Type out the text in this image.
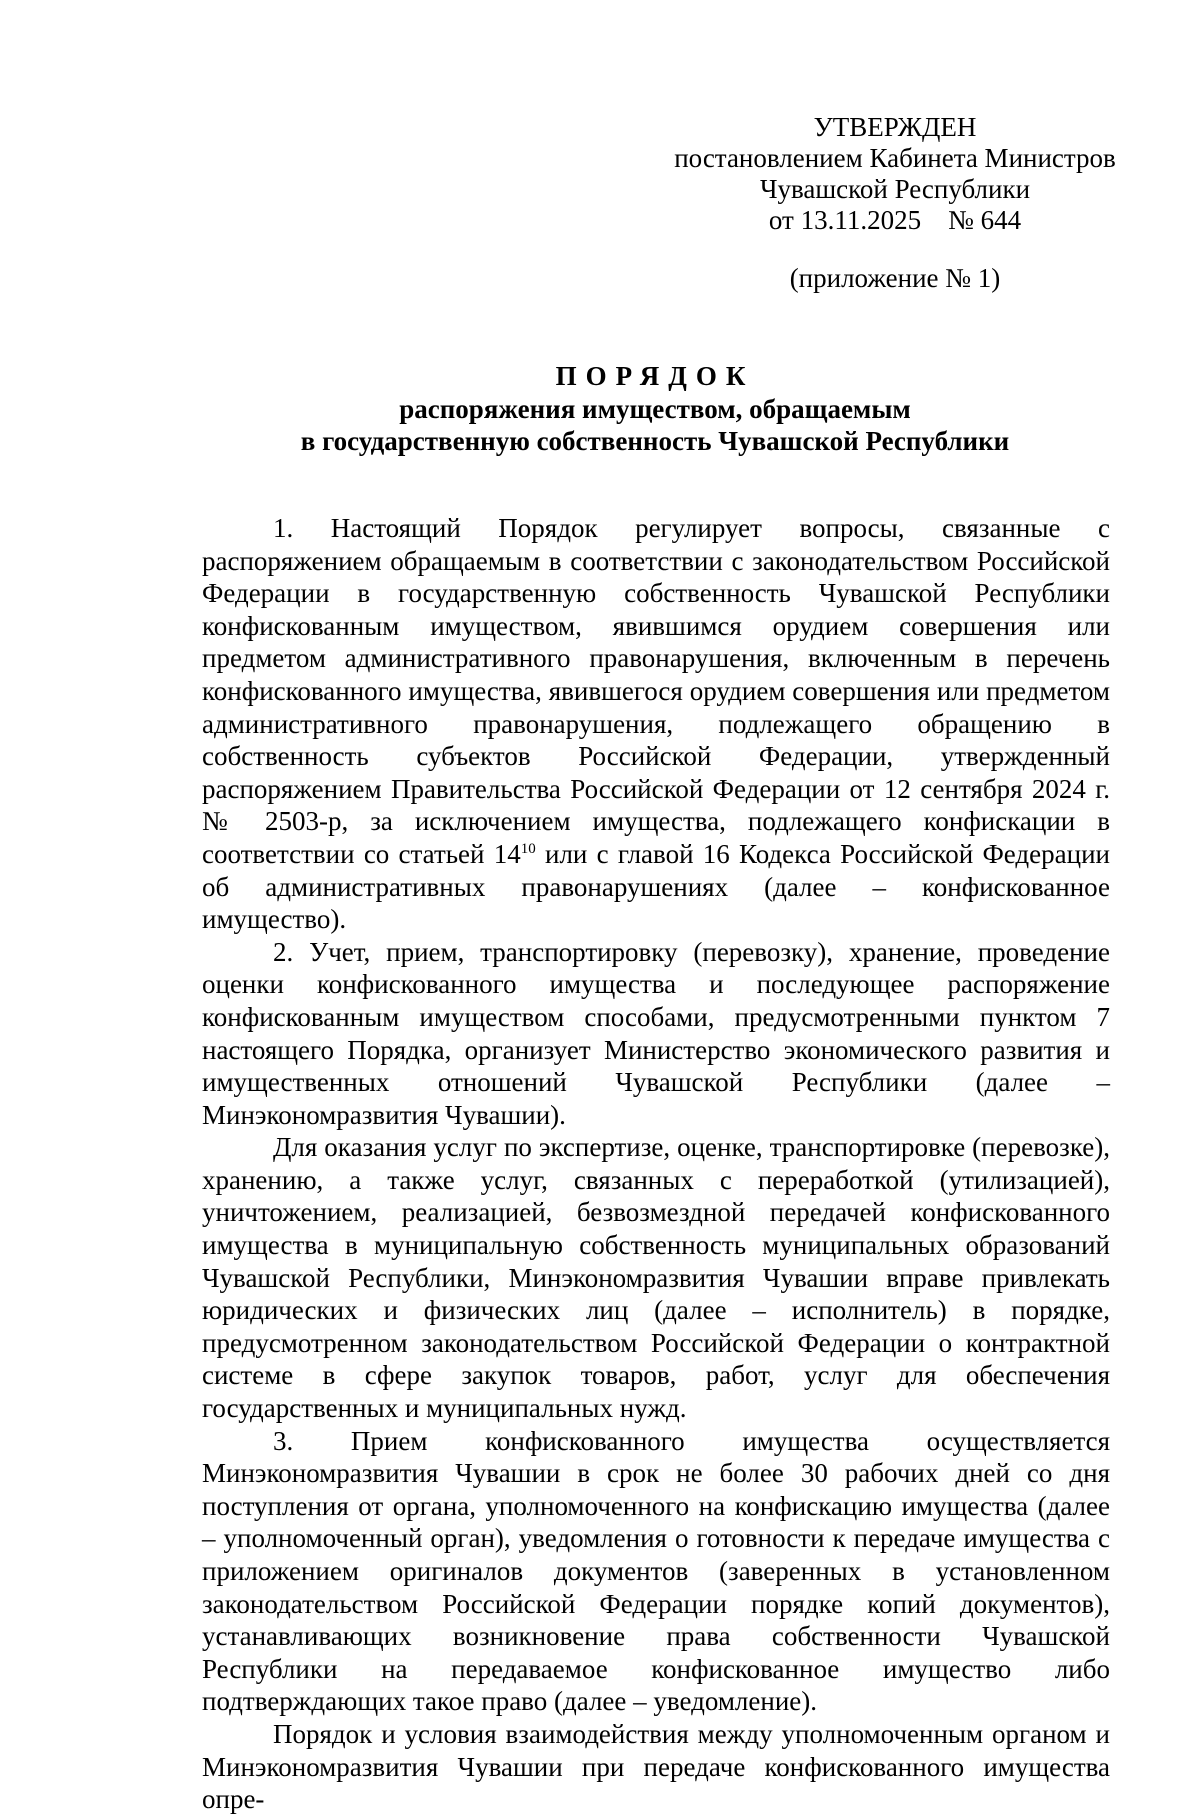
УТВЕРЖДЕН
постановлением Кабинета Министров
Чувашской Республики
от 13.11.2025    № 644
(приложение № 1)
ПОРЯДОК
распоряжения имуществом, обращаемым
в государственную собственность Чувашской Республики

1. Настоящий Порядок регулирует вопросы, связанные с распоряжением обращаемым в соответствии с законодательством Российской Федерации в государственную собственность Чувашской Республики конфискованным имуществом, явившимся орудием совершения или предметом административного правонарушения, включенным в перечень конфискованного имущества, явившегося орудием совершения или предметом административного правонарушения, подлежащего обращению в собственность субъектов Российской Федерации, утвержденный распоряжением Правительства Российской Федерации от 12 сентября 2024 г. № 2503-р, за исключением имущества, подлежащего конфискации в соответствии со статьей $14^{10}$ или с главой 16 Кодекса Российской Федерации об административных правонарушениях (далее – конфискованное имущество).

2. Учет, прием, транспортировку (перевозку), хранение, проведение оценки конфискованного имущества и последующее распоряжение конфискованным имуществом способами, предусмотренными пунктом 7 настоящего Порядка, организует Министерство экономического развития и имущественных отношений Чувашской Республики (далее – Минэкономразвития Чувашии).

Для оказания услуг по экспертизе, оценке, транспортировке (перевозке), хранению, а также услуг, связанных с переработкой (утилизацией), уничтожением, реализацией, безвозмездной передачей конфискованного имущества в муниципальную собственность муниципальных образований Чувашской Республики, Минэкономразвития Чувашии вправе привлекать юридических и физических лиц (далее – исполнитель) в порядке, предусмотренном законодательством Российской Федерации о контрактной системе в сфере закупок товаров, работ, услуг для обеспечения государственных и муниципальных нужд.

3. Прием конфискованного имущества осуществляется Минэкономразвития Чувашии в срок не более 30 рабочих дней со дня поступления от органа, уполномоченного на конфискацию имущества (далее – уполномоченный орган), уведомления о готовности к передаче имущества с приложением оригиналов документов (заверенных в установленном законодательством Российской Федерации порядке копий документов), устанавливающих возникновение права собственности Чувашской Республики на передаваемое конфискованное имущество либо подтверждающих такое право (далее – уведомление).

Порядок и условия взаимодействия между уполномоченным органом и Минэкономразвития Чувашии при передаче конфискованного имущества опре-
